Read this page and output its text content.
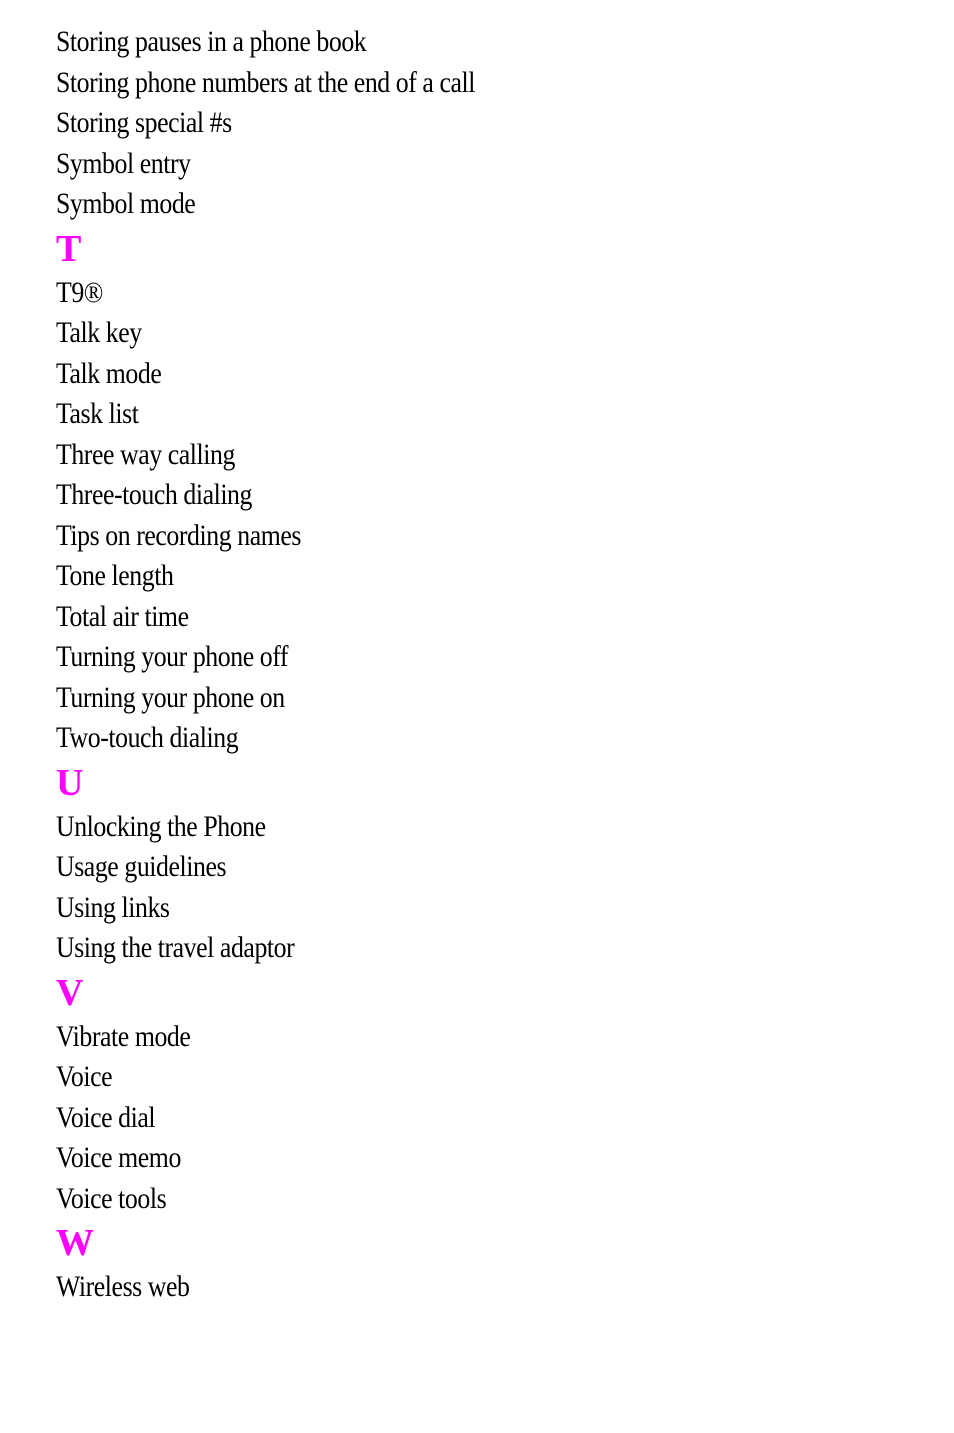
Storing pauses in a phone book
Storing phone numbers at the end of a call
Storing special #s
Symbol entry
Symbol mode
T
T9®
Talk key
Talk mode
Task list
Three way calling
Three-touch dialing
Tips on recording names
Tone length
Total air time
Turning your phone off
Turning your phone on
Two-touch dialing
U
Unlocking the Phone
Usage guidelines
Using links
Using the travel adaptor
V
Vibrate mode
Voice
Voice dial
Voice memo
Voice tools
W
Wireless web
